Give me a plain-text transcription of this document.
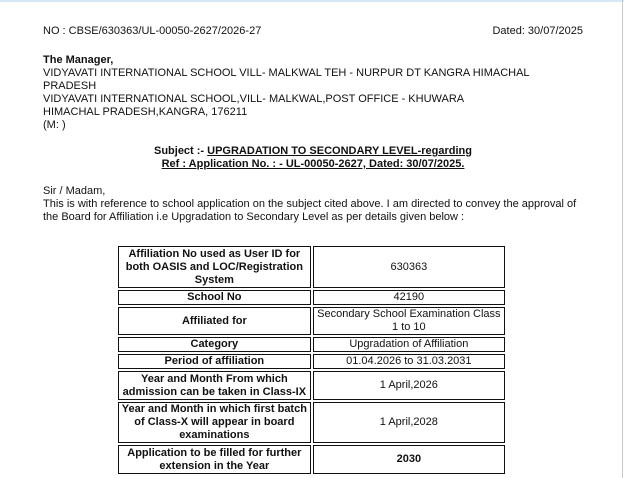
NO : CBSE/630363/UL-00050-2627/2026-27	Dated: 30/07/2025
The Manager,
VIDYAVATI INTERNATIONAL SCHOOL VILL- MALKWAL TEH - NURPUR DT KANGRA HIMACHAL PRADESH
VIDYAVATI INTERNATIONAL SCHOOL,VILL- MALKWAL,POST OFFICE - KHUWARA
HIMACHAL PRADESH,KANGRA, 176211
(M: )
Subject :- UPGRADATION TO SECONDARY LEVEL-regarding
Ref : Application No. : - UL-00050-2627, Dated: 30/07/2025.
Sir / Madam,
This is with reference to school application on the subject cited above. I am directed to convey the approval of the Board for Affiliation i.e Upgradation to Secondary Level as per details given below :
Affiliation No used as User ID for both OASIS and LOC/Registration System	630363
School No	42190
Affiliated for	Secondary School Examination Class 1 to 10
Category	Upgradation of Affiliation
Period of affiliation	01.04.2026 to 31.03.2031
Year and Month From which admission can be taken in Class-IX	1 April,2026
Year and Month in which first batch of Class-X will appear in board examinations	1 April,2028
Application to be filled for further extension in the Year	2030
